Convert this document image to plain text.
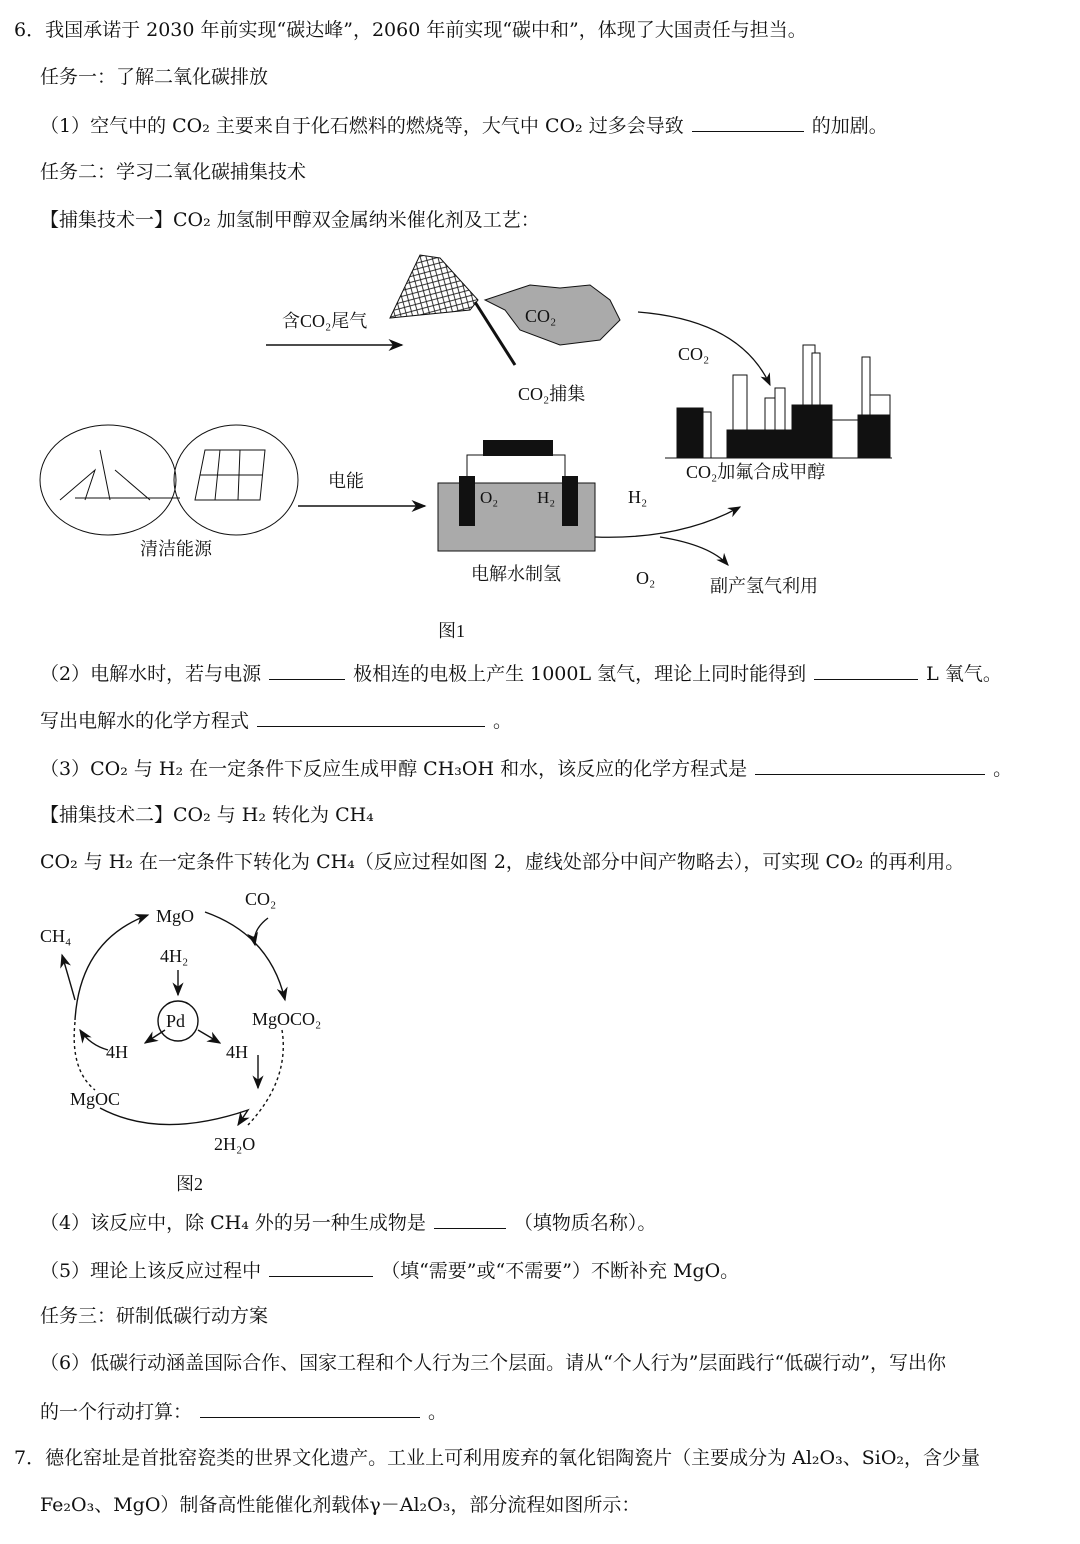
6．我国承诺于 2030 年前实现“碳达峰”，2060 年前实现“碳中和”，体现了大国责任与担当。
任务一：了解二氧化碳排放
（1）空气中的 CO₂ 主要来自于化石燃料的燃烧等，大气中 CO₂ 过多会导致	的加剧。
任务二：学习二氧化碳捕集技术
【捕集技术一】CO₂ 加氢制甲醇双金属纳米催化剂及工艺：
含CO₂尾气	CO₂
CO₂捕集
CO₂
CO₂加氟合成甲醇
清洁能源
电能
O₂ H₂	H₂
O₂
电解水制氢
副产氢气利用
图1
（2）电解水时，若与电源	极相连的电极上产生 1000L 氢气，理论上同时能得到	L 氧气。
写出电解水的化学方程式	。
（3）CO₂ 与 H₂ 在一定条件下反应生成甲醇 CH₃OH 和水，该反应的化学方程式是	。
【捕集技术二】CO₂ 与 H₂ 转化为 CH₄
CO₂ 与 H₂ 在一定条件下转化为 CH₄（反应过程如图 2，虚线处部分中间产物略去），可实现 CO₂ 的再利用。
MgO
CO₂
CH₄
4H₂
Pd	MgOCO₂
4H	4H
MgOC
2H₂O
图2
（4）该反应中，除 CH₄ 外的另一种生成物是	（填物质名称）。
（5）理论上该反应过程中	（填“需要”或“不需要”）不断补充 MgO。
任务三：研制低碳行动方案
（6）低碳行动涵盖国际合作、国家工程和个人行为三个层面。请从“个人行为”层面践行“低碳行动”，写出你
的一个行动打算：	。
7．德化窑址是首批窑瓷类的世界文化遗产。工业上可利用废弃的氧化铝陶瓷片（主要成分为 Al₂O₃、SiO₂，含少量
Fe₂O₃、MgO）制备高性能催化剂载体γ－Al₂O₃，部分流程如图所示：
